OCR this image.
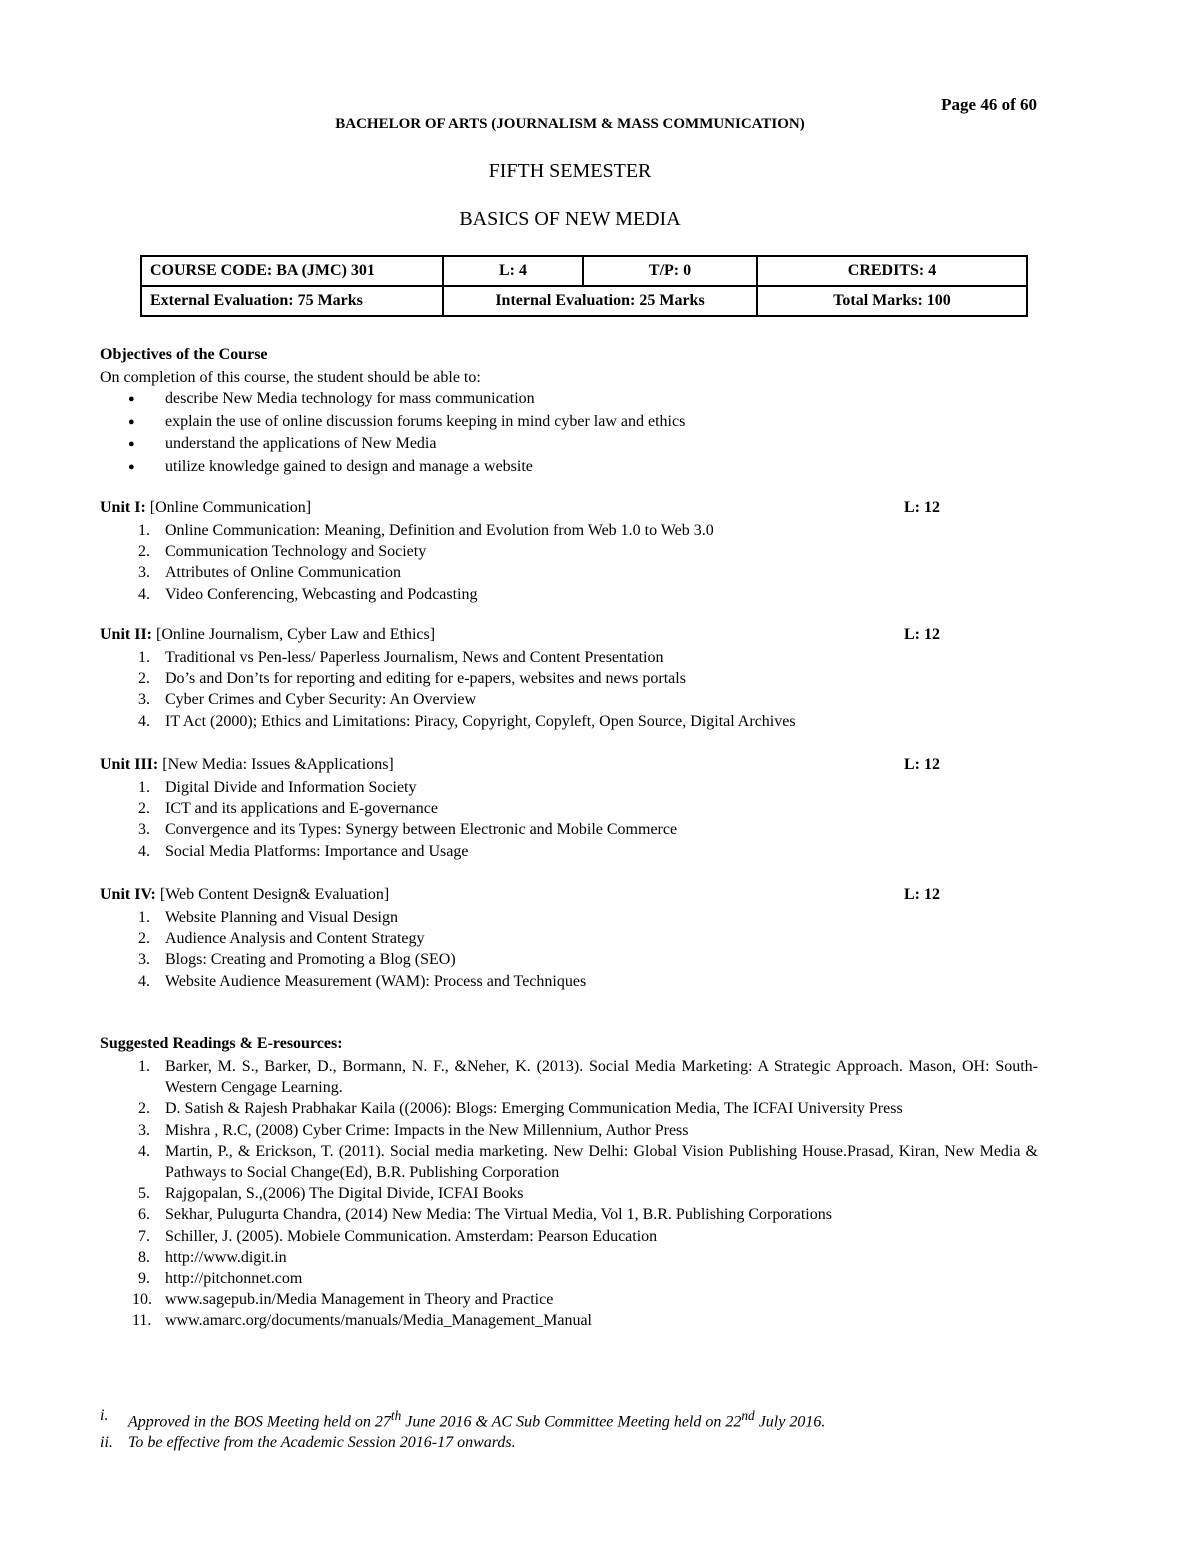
Page 46 of 60
BACHELOR OF ARTS (JOURNALISM & MASS COMMUNICATION)
FIFTH SEMESTER
BASICS OF NEW MEDIA
COURSE CODE: BA (JMC) 301	L: 4	T/P: 0	CREDITS: 4
External Evaluation: 75 Marks	Internal Evaluation: 25 Marks		Total Marks: 100
Objectives of the Course
On completion of this course, the student should be able to:
● describe New Media technology for mass communication
● explain the use of online discussion forums keeping in mind cyber law and ethics
● understand the applications of New Media
● utilize knowledge gained to design and manage a website
Unit I: [Online Communication]	L: 12
1. Online Communication: Meaning, Definition and Evolution from Web 1.0 to Web 3.0
2. Communication Technology and Society
3. Attributes of Online Communication
4. Video Conferencing, Webcasting and Podcasting
Unit II: [Online Journalism, Cyber Law and Ethics]	L: 12
1. Traditional vs Pen-less/ Paperless Journalism, News and Content Presentation
2. Do’s and Don’ts for reporting and editing for e-papers, websites and news portals
3. Cyber Crimes and Cyber Security: An Overview
4. IT Act (2000); Ethics and Limitations: Piracy, Copyright, Copyleft, Open Source, Digital Archives
Unit III: [New Media: Issues &Applications]	L: 12
1. Digital Divide and Information Society
2. ICT and its applications and E-governance
3. Convergence and its Types: Synergy between Electronic and Mobile Commerce
4. Social Media Platforms: Importance and Usage
Unit IV: [Web Content Design& Evaluation]	L: 12
1. Website Planning and Visual Design
2. Audience Analysis and Content Strategy
3. Blogs: Creating and Promoting a Blog (SEO)
4. Website Audience Measurement (WAM): Process and Techniques
Suggested Readings & E-resources:
1. Barker, M. S., Barker, D., Bormann, N. F., &Neher, K. (2013). Social Media Marketing: A Strategic Approach. Mason, OH: South-Western Cengage Learning.
2. D. Satish & Rajesh Prabhakar Kaila ((2006): Blogs: Emerging Communication Media, The ICFAI University Press
3. Mishra , R.C, (2008) Cyber Crime: Impacts in the New Millennium, Author Press
4. Martin, P., & Erickson, T. (2011). Social media marketing. New Delhi: Global Vision Publishing House.Prasad, Kiran, New Media & Pathways to Social Change(Ed), B.R. Publishing Corporation
5. Rajgopalan, S.,(2006) The Digital Divide, ICFAI Books
6. Sekhar, Pulugurta Chandra, (2014) New Media: The Virtual Media, Vol 1, B.R. Publishing Corporations
7. Schiller, J. (2005). Mobiele Communication. Amsterdam: Pearson Education
8. http://www.digit.in
9. http://pitchonnet.com
10. www.sagepub.in/Media Management in Theory and Practice
11. www.amarc.org/documents/manuals/Media_Management_Manual
i. Approved in the BOS Meeting held on 27th June 2016 & AC Sub Committee Meeting held on 22nd July 2016.
ii. To be effective from the Academic Session 2016-17 onwards.
